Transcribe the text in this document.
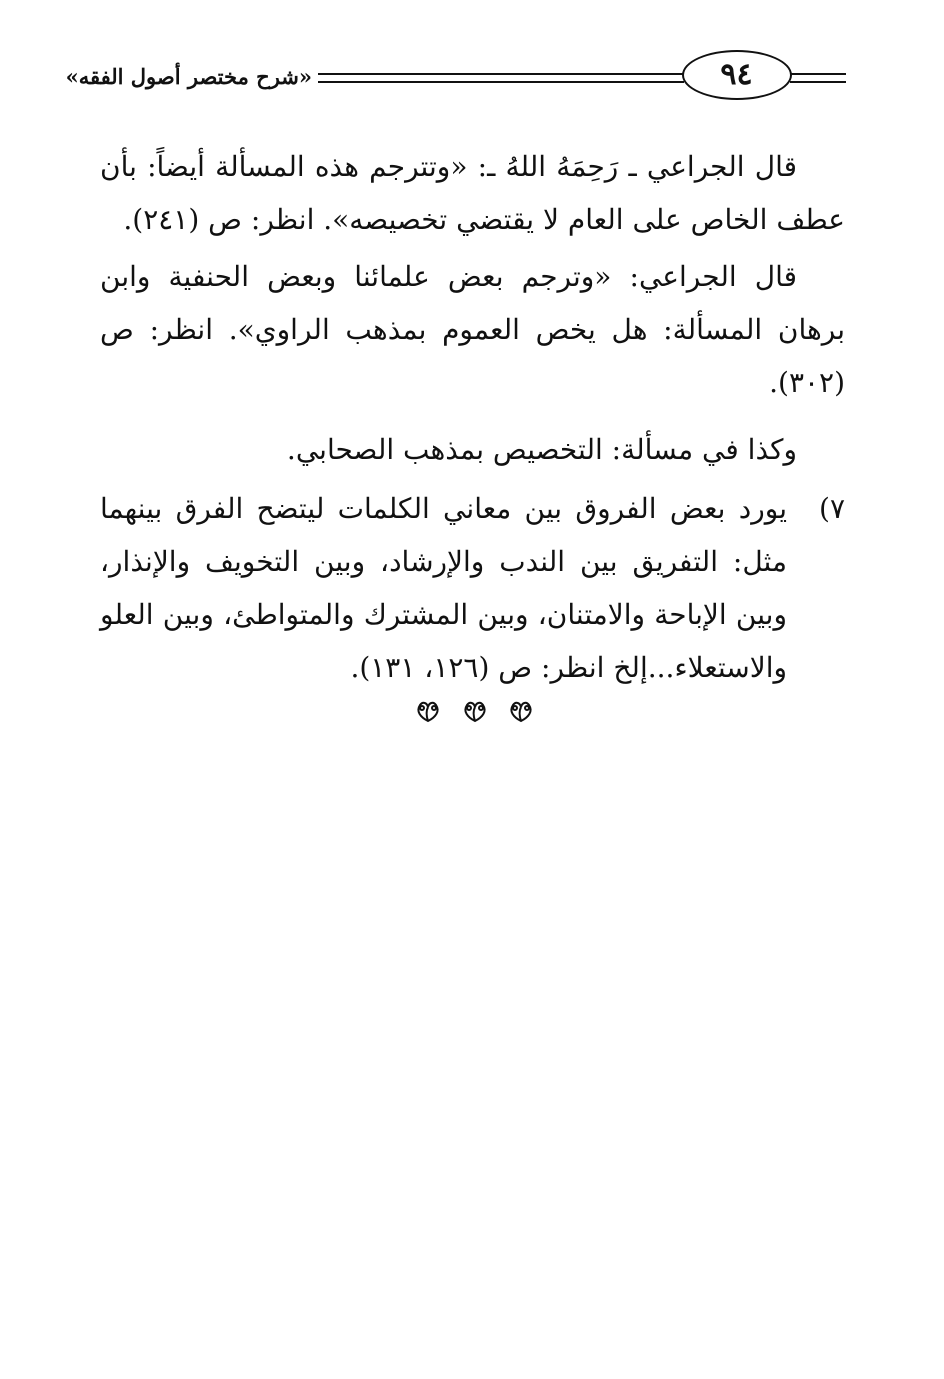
«شرح مختصر أصول الفقه»	٩٤

قال الجراعي ـ رَحِمَهُ اللهُ ـ: «وتترجم هذه المسألة أيضاً: بأن عطف الخاص على العام لا يقتضي تخصيصه». انظر: ص (٢٤١).

قال الجراعي: «وترجم بعض علمائنا وبعض الحنفية وابن برهان المسألة: هل يخص العموم بمذهب الراوي». انظر: ص (٣٠٢).

وكذا في مسألة: التخصيص بمذهب الصحابي.

٧)
يورد بعض الفروق بين معاني الكلمات ليتضح الفرق بينهما مثل: التفريق بين الندب والإرشاد، وبين التخويف والإنذار، وبين الإباحة والامتنان، وبين المشترك والمتواطئ، وبين العلو والاستعلاء...إلخ انظر: ص (١٢٦، ١٣١).
